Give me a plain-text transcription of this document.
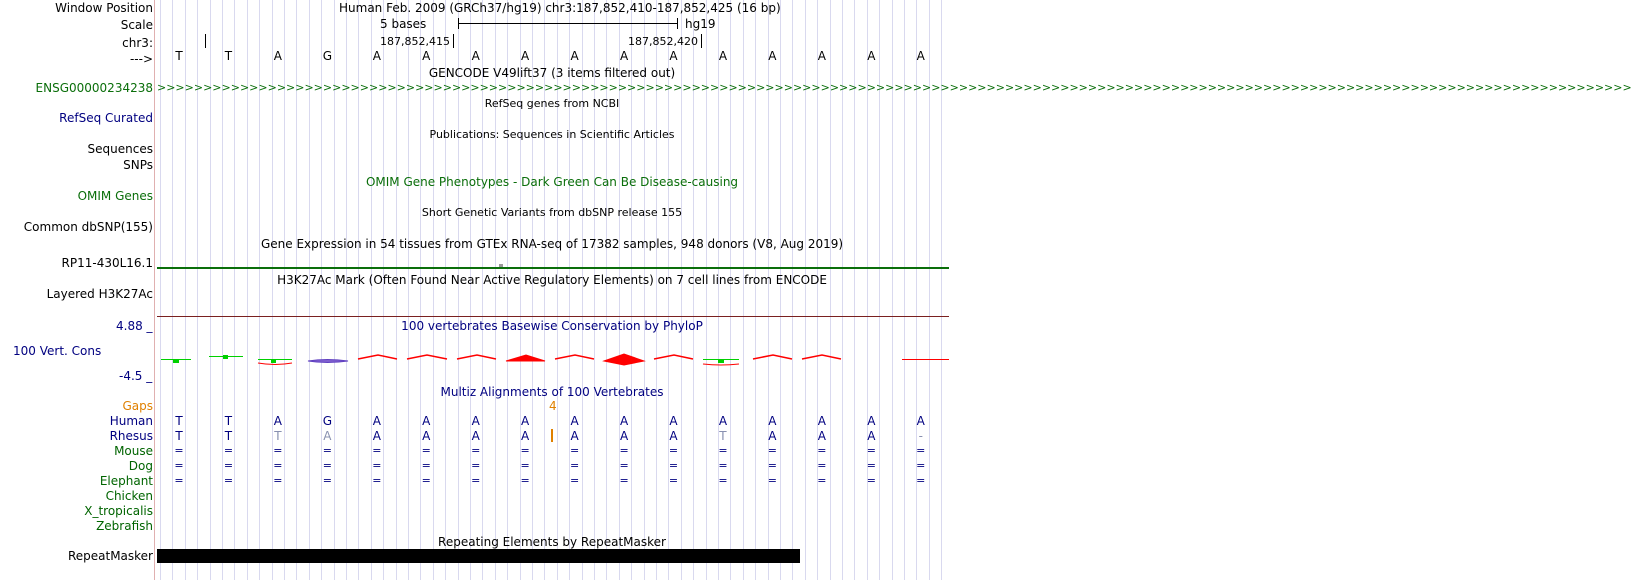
Window Position	Human Feb. 2009 (GRCh37/hg19) chr3:187,852,410-187,852,425 (16 bp)
Scale	5 bases	hg19
chr3:	187,852,415	187,852,420
--->	T	T	A	G	A	A	A	A	A	A	A	A	A	A	A	A
GENCODE V49lift37 (3 items filtered out)
ENSG00000234238 >>>>>>>>>>>>>>>>>>>>>>>>>>>>>>>>>>>>>>>>>>>>>>>>>>>>>>>>>>>>>>>>>>>>>>>>>>>>>>>>>>>>>>>>>>>>>>>>>>>>>>>>>>>>>>>>>>>>>>>>>>>>>>>>>>>>>>>>>>>>>>>>>>>>>>>>>>>>>>>>
RefSeq genes from NCBI
RefSeq Curated
Publications: Sequences in Scientific Articles
Sequences
SNPs
OMIM Gene Phenotypes - Dark Green Can Be Disease-causing
OMIM Genes
Short Genetic Variants from dbSNP release 155
Common dbSNP(155)
Gene Expression in 54 tissues from GTEx RNA-seq of 17382 samples, 948 donors (V8, Aug 2019)
RP11-430L16.1
H3K27Ac Mark (Often Found Near Active Regulatory Elements) on 7 cell lines from ENCODE
Layered H3K27Ac
4.88 _	100 vertebrates Basewise Conservation by PhyloP
100 Vert. Cons
-4.5 _
Multiz Alignments of 100 Vertebrates
Gaps	4
Human	T	T	A	G	A	A	A	A	A	A	A	A	A	A	A	A
Rhesus	T	T	T	A	A	A	A	A	A	A	A	T	A	A	A	-
Mouse	=	=	=	=	=	=	=	=	=	=	=	=	=	=	=	=
Dog	=	=	=	=	=	=	=	=	=	=	=	=	=	=	=	=
Elephant	=	=	=	=	=	=	=	=	=	=	=	=	=	=	=	=
Chicken
X_tropicalis
Zebrafish
Repeating Elements by RepeatMasker
RepeatMasker
